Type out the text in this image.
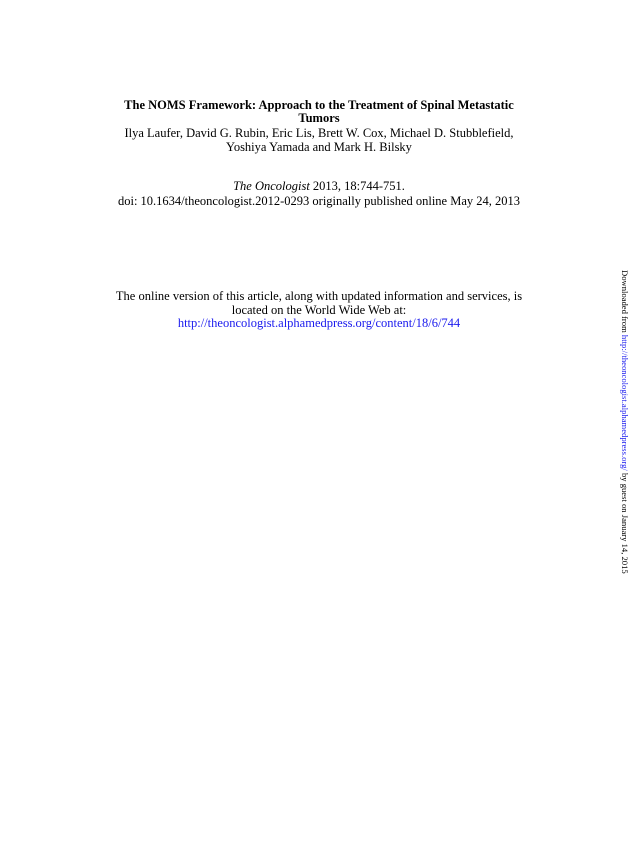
The NOMS Framework: Approach to the Treatment of Spinal Metastatic
Tumors
Ilya Laufer, David G. Rubin, Eric Lis, Brett W. Cox, Michael D. Stubblefield,
Yoshiya Yamada and Mark H. Bilsky
The Oncologist 2013, 18:744-751.
doi: 10.1634/theoncologist.2012-0293 originally published online May 24, 2013
The online version of this article, along with updated information and services, is
located on the World Wide Web at:
http://theoncologist.alphamedpress.org/content/18/6/744	Downloaded from http://theoncologist.alphamedpress.org/ by guest on January 14, 2015
